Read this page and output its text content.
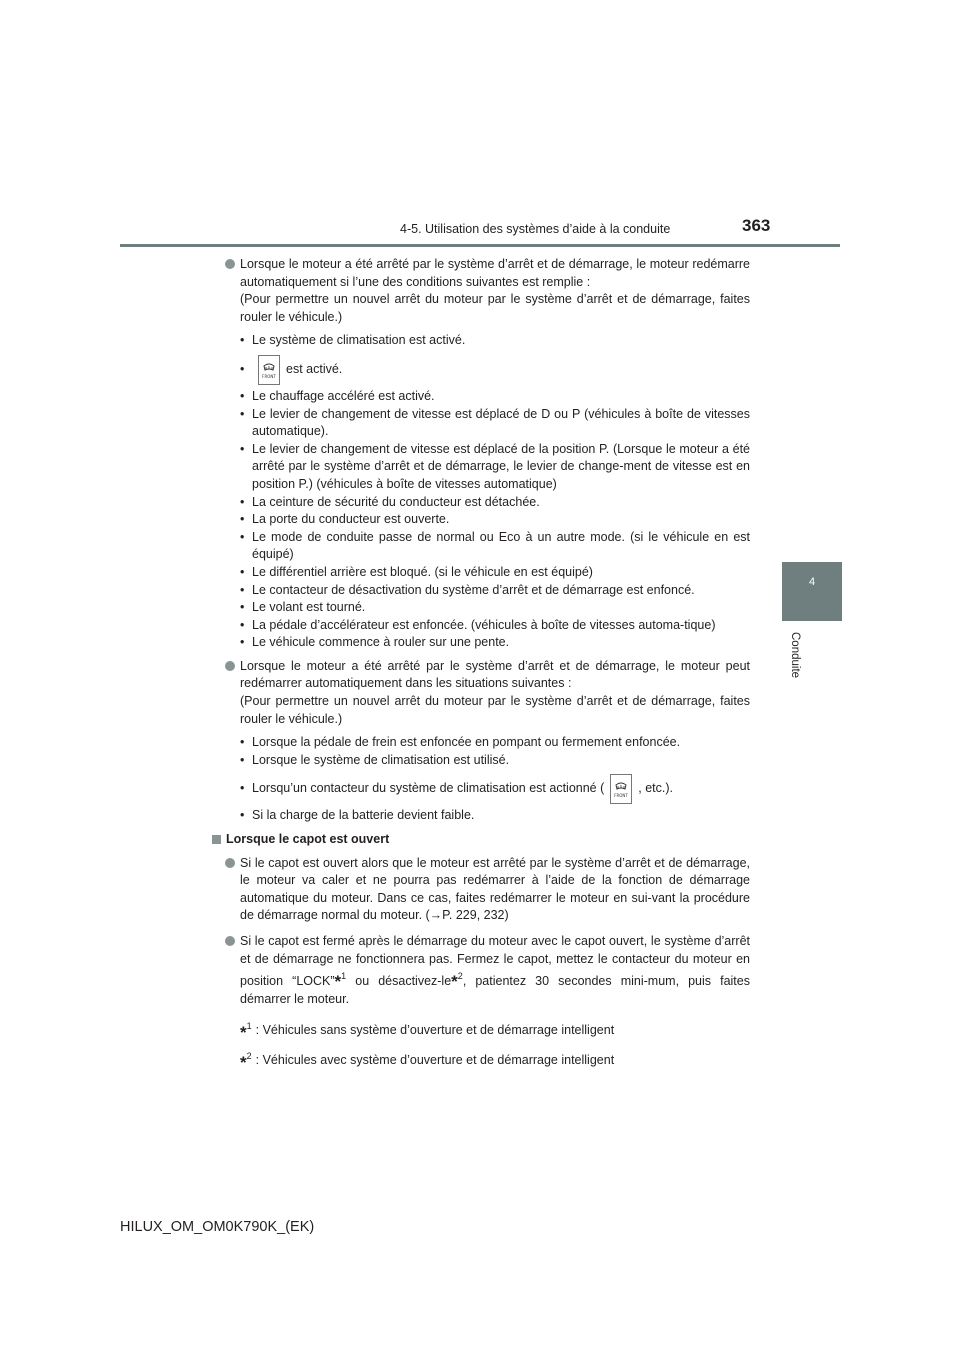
4-5. Utilisation des systèmes d’aide à la conduite	363
4
Conduite
Lorsque le moteur a été arrêté par le système d’arrêt et de démarrage, le moteur redémarre automatiquement si l’une des conditions suivantes est remplie :
(Pour permettre un nouvel arrêt du moteur par le système d’arrêt et de démarrage, faites rouler le véhicule.)

• Le système de climatisation est activé.

•
FRONT
est activé.

• Le chauffage accéléré est activé.

• Le levier de changement de vitesse est déplacé de D ou P (véhicules à boîte de vitesses automatique).

• Le levier de changement de vitesse est déplacé de la position P. (Lorsque le moteur a été arrêté par le système d’arrêt et de démarrage, le levier de change-ment de vitesse est en position P.) (véhicules à boîte de vitesses automatique)

• La ceinture de sécurité du conducteur est détachée.

• La porte du conducteur est ouverte.

• Le mode de conduite passe de normal ou Eco à un autre mode. (si le véhicule en est équipé)

• Le différentiel arrière est bloqué. (si le véhicule en est équipé)

• Le contacteur de désactivation du système d’arrêt et de démarrage est enfoncé.

• Le volant est tourné.

• La pédale d’accélérateur est enfoncée. (véhicules à boîte de vitesses automa-tique)

• Le véhicule commence à rouler sur une pente.

Lorsque le moteur a été arrêté par le système d’arrêt et de démarrage, le moteur peut redémarrer automatiquement dans les situations suivantes :
(Pour permettre un nouvel arrêt du moteur par le système d’arrêt et de démarrage, faites rouler le véhicule.)

• Lorsque la pédale de frein est enfoncée en pompant ou fermement enfoncée.

• Lorsque le système de climatisation est utilisé.

• Lorsqu’un contacteur du système de climatisation est actionné (
FRONT
, etc.).

• Si la charge de la batterie devient faible.

Lorsque le capot est ouvert
Si le capot est ouvert alors que le moteur est arrêté par le système d’arrêt et de démarrage, le moteur va caler et ne pourra pas redémarrer à l’aide de la fonction de démarrage automatique du moteur. Dans ce cas, faites redémarrer le moteur en sui-vant la procédure de démarrage normal du moteur. (→P. 229, 232)
Si le capot est fermé après le démarrage du moteur avec le capot ouvert, le système d’arrêt et de démarrage ne fonctionnera pas. Fermez le capot, mettez le contacteur du moteur en position “LOCK”*$^1$ ou désactivez-le*$^2$, patientez 30 secondes mini-mum, puis faites démarrer le moteur.
*$^1$ : Véhicules sans système d’ouverture et de démarrage intelligent
*$^2$ : Véhicules avec système d’ouverture et de démarrage intelligent
HILUX_OM_OM0K790K_(EK)
